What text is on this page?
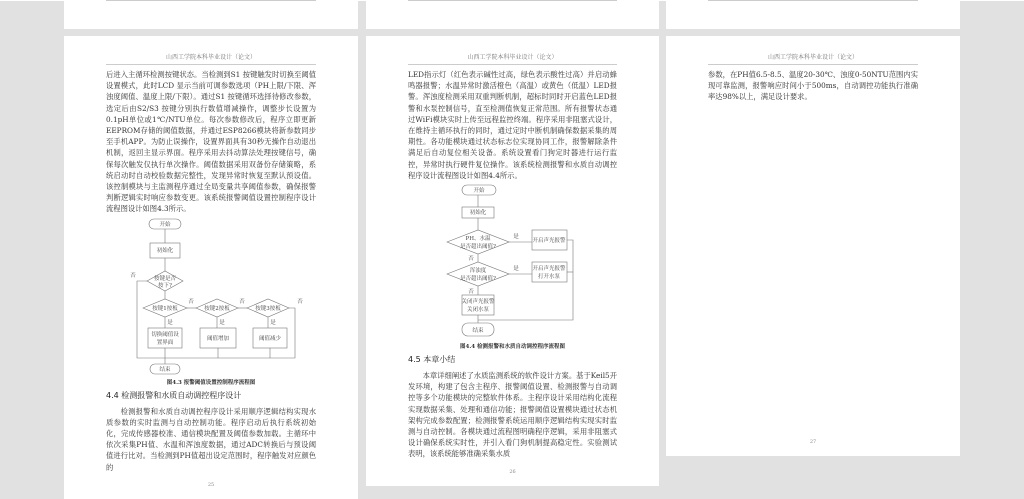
山西工学院本科毕业设计（论文）

后进入主循环检测按键状态。当检测到S1 按键触发时切换至阈值设置模式，此时LCD 显示当前可调参数选项（PH上限/下限、浑浊度阈值、温度上限/下限）。通过S1 按键循环选择待修改参数，选定后由S2/S3 按键分别执行数值增减操作，调整步长设置为0.1pH单位或1℃/NTU单位。每次参数修改后，程序立即更新EEPROM存储的阈值数据，并通过ESP8266模块将新参数同步至手机APP。为防止误操作，设置界面具有30秒无操作自动退出机制，返回主显示界面。程序采用去抖动算法处理按键信号，确保每次触发仅执行单次操作。阈值数据采用双备份存储策略，系统启动时自动校验数据完整性，发现异常时恢复至默认预设值。该控制模块与主监测程序通过全局变量共享阈值参数，确保报警判断逻辑实时响应参数变更。该系统报警阈值设置控制程序设计流程图设计如图4.3所示。

开始
初始化
按键是否
按下?
否
按键1按板
否
按键2按板
否
按键3按板
否
是	是	是
切换阈值设
置界面
阈值增加	阈值减少
结束
图4.3 报警阈值设置控制程序流程图
4.4 检测报警和水质自动调控程序设计

检测报警和水质自动调控程序设计采用顺序逻辑结构实现水质参数的实时监测与自动控制功能。程序启动后执行系统初始化，完成传感器校准、通信模块配置及阈值参数加载。主循环中依次采集PH值、水温和浑浊度数据，通过ADC转换后与预设阈值进行比对。当检测到PH值超出设定范围时，程序触发对应颜色的

25
山西工学院本科毕业设计（论文）

LED指示灯（红色表示碱性过高，绿色表示酸性过高）并启动蜂鸣器报警；水温异常时激活橙色（高温）或黄色（低温）LED报警。浑浊度检测采用双重判断机制，超标时同时开启蓝色LED报警和水泵控制信号，直至检测值恢复正常范围。所有报警状态通过WiFi模块实时上传至远程监控终端。程序采用非阻塞式设计，在维持主循环执行的同时，通过定时中断机制确保数据采集的周期性。各功能模块通过状态标志位实现协同工作，报警解除条件满足后自动复位相关设备。系统设置看门狗定时器进行运行监控，异常时执行硬件复位操作。该系统检测报警和水质自动调控程序设计流程图设计如图4.4所示。

开始
初始化
PH、水温
是否超出阈值?
是
开启声光报警
否
浑浊度
是否超出阈值?
是 开启声光报警
打开水泵
否
关闭声光报警
关闭水泵
结束
图4.4 检测报警和水质自动调控程序流程图
4.5 本章小结

本章详细阐述了水质监测系统的软件设计方案。基于Keil5开发环境，构建了包含主程序、报警阈值设置、检测报警与自动调控等多个功能模块的完整软件体系。主程序设计采用结构化流程实现数据采集、处理和通信功能；报警阈值设置模块通过状态机架构完成参数配置；检测报警系统运用顺序逻辑结构实现实时监测与自动控制。各模块通过流程图明确程序逻辑，采用非阻塞式设计确保系统实时性，并引入看门狗机制提高稳定性。实验测试表明，该系统能够准确采集水质

26
山西工学院本科毕业设计（论文）

参数，在PH值6.5-8.5、温度20-30℃、浊度0-50NTU范围内实现可靠监测，报警响应时间小于500ms，自动调控功能执行准确率达98%以上，满足设计要求。

27
